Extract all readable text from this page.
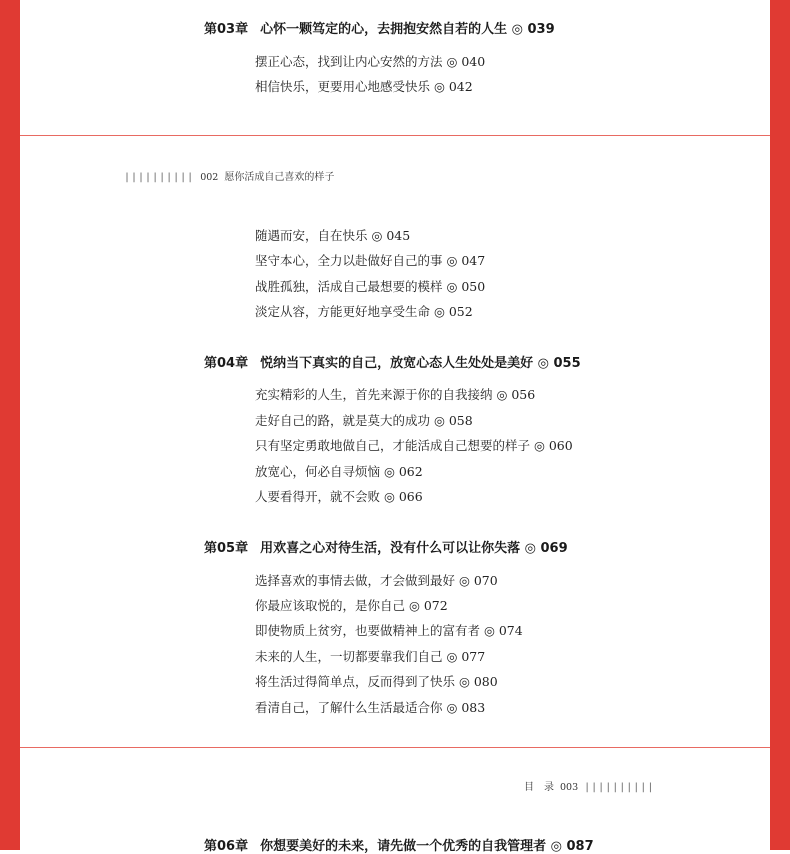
第03章 心怀一颗笃定的心，去拥抱安然自若的人生 ◎ 039
摆正心态，找到让内心安然的方法 ◎ 040
相信快乐，更要用心地感受快乐 ◎ 042
|||||||||| 002 愿你活成自己喜欢的样子
随遇而安，自在快乐 ◎ 045
坚守本心，全力以赴做好自己的事 ◎ 047
战胜孤独，活成自己最想要的模样 ◎ 050
淡定从容，方能更好地享受生命 ◎ 052
第04章 悦纳当下真实的自己，放宽心态人生处处是美好 ◎ 055
充实精彩的人生，首先来源于你的自我接纳 ◎ 056
走好自己的路，就是莫大的成功 ◎ 058
只有坚定勇敢地做自己，才能活成自己想要的样子 ◎ 060
放宽心，何必自寻烦恼 ◎ 062
人要看得开，就不会败 ◎ 066
第05章 用欢喜之心对待生活，没有什么可以让你失落 ◎ 069
选择喜欢的事情去做，才会做到最好 ◎ 070
你最应该取悦的，是你自己 ◎ 072
即使物质上贫穷，也要做精神上的富有者 ◎ 074
未来的人生，一切都要靠我们自己 ◎ 077
将生活过得简单点，反而得到了快乐 ◎ 080
看清自己，了解什么生活最适合你 ◎ 083
目　录 003 ||||||||||
第06章 你想要美好的未来，请先做一个优秀的自我管理者 ◎ 087
